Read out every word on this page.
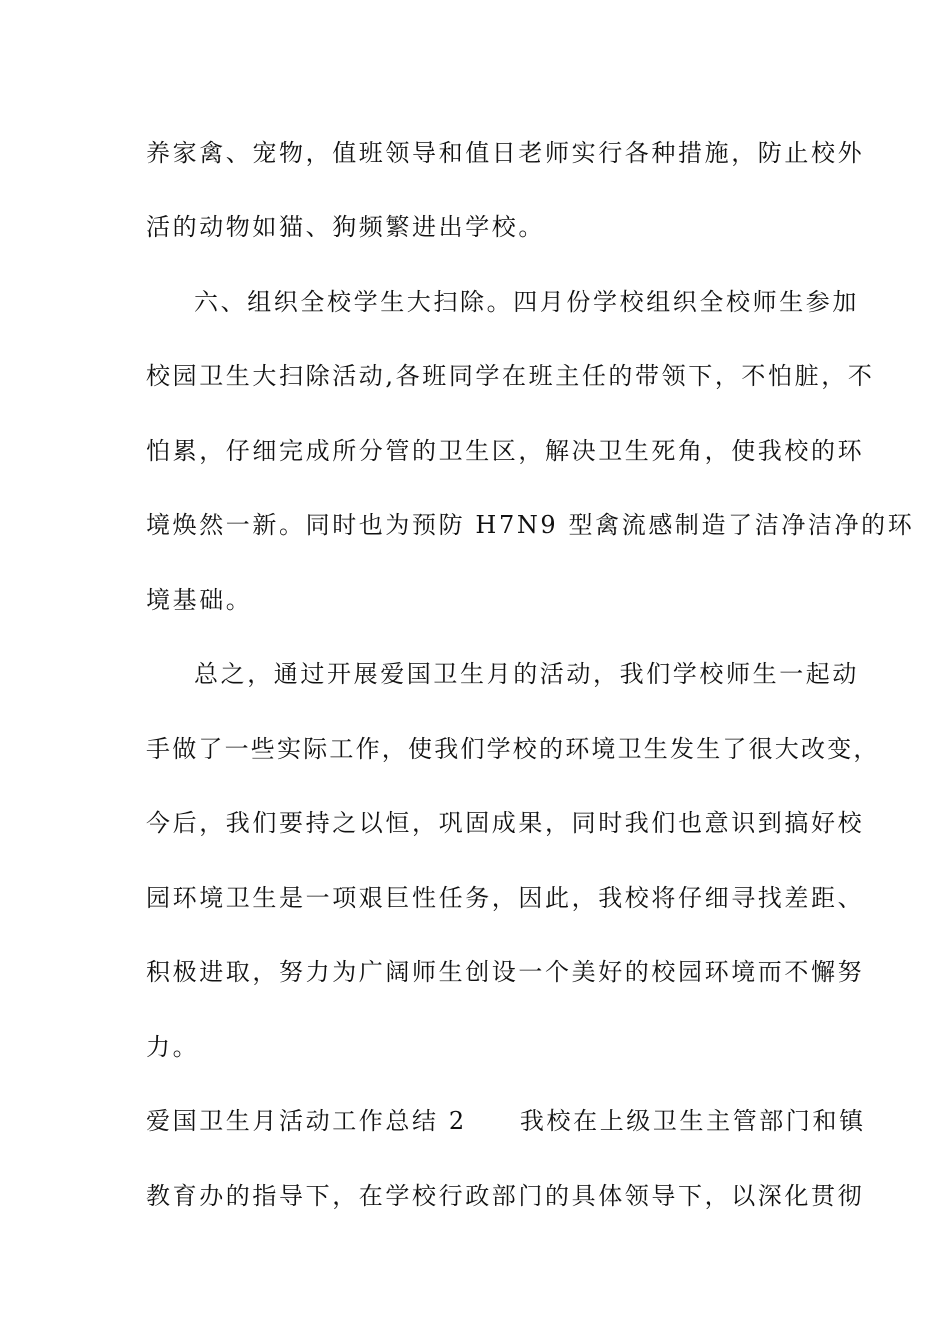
养家禽、宠物，值班领导和值日老师实行各种措施，防止校外
活的动物如猫、狗频繁进出学校。
六、组织全校学生大扫除。四月份学校组织全校师生参加
校园卫生大扫除活动,各班同学在班主任的带领下，不怕脏，不
怕累，仔细完成所分管的卫生区，解决卫生死角，使我校的环
境焕然一新。同时也为预防 H7N9 型禽流感制造了洁净洁净的环
境基础。
总之，通过开展爱国卫生月的活动，我们学校师生一起动
手做了一些实际工作，使我们学校的环境卫生发生了很大改变，
今后，我们要持之以恒，巩固成果，同时我们也意识到搞好校
园环境卫生是一项艰巨性任务，因此，我校将仔细寻找差距、
积极进取，努力为广阔师生创设一个美好的校园环境而不懈努
力。
爱国卫生月活动工作总结 2　　我校在上级卫生主管部门和镇
教育办的指导下，在学校行政部门的具体领导下，以深化贯彻
